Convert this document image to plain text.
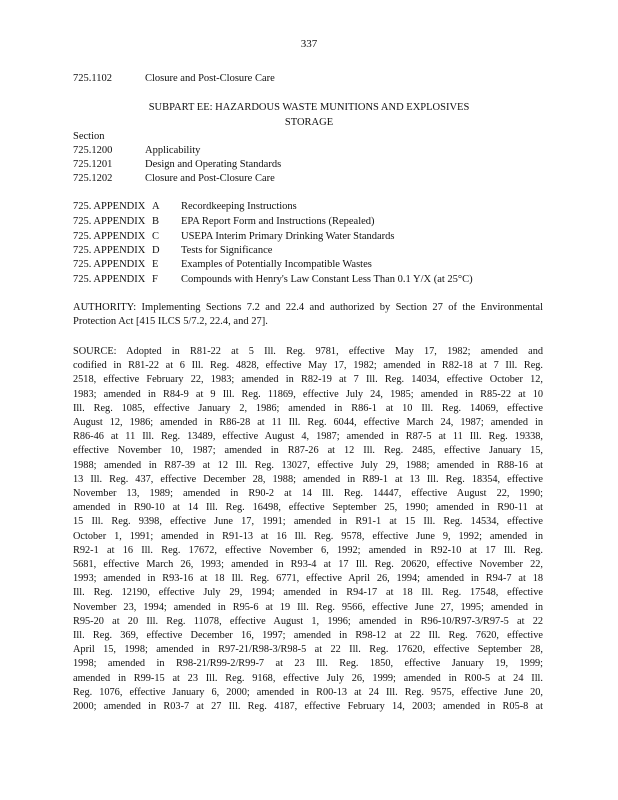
337
725.1102	Closure and Post-Closure Care
SUBPART EE: HAZARDOUS WASTE MUNITIONS AND EXPLOSIVES
STORAGE
Section
725.1200	Applicability
725.1201	Design and Operating Standards
725.1202	Closure and Post-Closure Care
725. APPENDIX A Recordkeeping Instructions
725. APPENDIX B EPA Report Form and Instructions (Repealed)
725. APPENDIX C USEPA Interim Primary Drinking Water Standards
725. APPENDIX D Tests for Significance
725. APPENDIX E Examples of Potentially Incompatible Wastes
725. APPENDIX F Compounds with Henry's Law Constant Less Than 0.1 Y/X (at 25°C)
AUTHORITY: Implementing Sections 7.2 and 22.4 and authorized by Section 27 of the Environmental Protection Act [415 ILCS 5/7.2, 22.4, and 27].
SOURCE: Adopted in R81-22 at 5 Ill. Reg. 9781, effective May 17, 1982; amended and
codified in R81-22 at 6 Ill. Reg. 4828, effective May 17, 1982; amended in R82-18 at 7 Ill. Reg.
2518, effective February 22, 1983; amended in R82-19 at 7 Ill. Reg. 14034, effective October 12,
1983; amended in R84-9 at 9 Ill. Reg. 11869, effective July 24, 1985; amended in R85-22 at 10
Ill. Reg. 1085, effective January 2, 1986; amended in R86-1 at 10 Ill. Reg. 14069, effective
August 12, 1986; amended in R86-28 at 11 Ill. Reg. 6044, effective March 24, 1987; amended in
R86-46 at 11 Ill. Reg. 13489, effective August 4, 1987; amended in R87-5 at 11 Ill. Reg. 19338,
effective November 10, 1987; amended in R87-26 at 12 Ill. Reg. 2485, effective January 15,
1988; amended in R87-39 at 12 Ill. Reg. 13027, effective July 29, 1988; amended in R88-16 at
13 Ill. Reg. 437, effective December 28, 1988; amended in R89-1 at 13 Ill. Reg. 18354, effective
November 13, 1989; amended in R90-2 at 14 Ill. Reg. 14447, effective August 22, 1990;
amended in R90-10 at 14 Ill. Reg. 16498, effective September 25, 1990; amended in R90-11 at
15 Ill. Reg. 9398, effective June 17, 1991; amended in R91-1 at 15 Ill. Reg. 14534, effective
October 1, 1991; amended in R91-13 at 16 Ill. Reg. 9578, effective June 9, 1992; amended in
R92-1 at 16 Ill. Reg. 17672, effective November 6, 1992; amended in R92-10 at 17 Ill. Reg.
5681, effective March 26, 1993; amended in R93-4 at 17 Ill. Reg. 20620, effective November 22,
1993; amended in R93-16 at 18 Ill. Reg. 6771, effective April 26, 1994; amended in R94-7 at 18
Ill. Reg. 12190, effective July 29, 1994; amended in R94-17 at 18 Ill. Reg. 17548, effective
November 23, 1994; amended in R95-6 at 19 Ill. Reg. 9566, effective June 27, 1995; amended in
R95-20 at 20 Ill. Reg. 11078, effective August 1, 1996; amended in R96-10/R97-3/R97-5 at 22
Ill. Reg. 369, effective December 16, 1997; amended in R98-12 at 22 Ill. Reg. 7620, effective
April 15, 1998; amended in R97-21/R98-3/R98-5 at 22 Ill. Reg. 17620, effective September 28,
1998; amended in R98-21/R99-2/R99-7 at 23 Ill. Reg. 1850, effective January 19, 1999;
amended in R99-15 at 23 Ill. Reg. 9168, effective July 26, 1999; amended in R00-5 at 24 Ill.
Reg. 1076, effective January 6, 2000; amended in R00-13 at 24 Ill. Reg. 9575, effective June 20,
2000; amended in R03-7 at 27 Ill. Reg. 4187, effective February 14, 2003; amended in R05-8 at
